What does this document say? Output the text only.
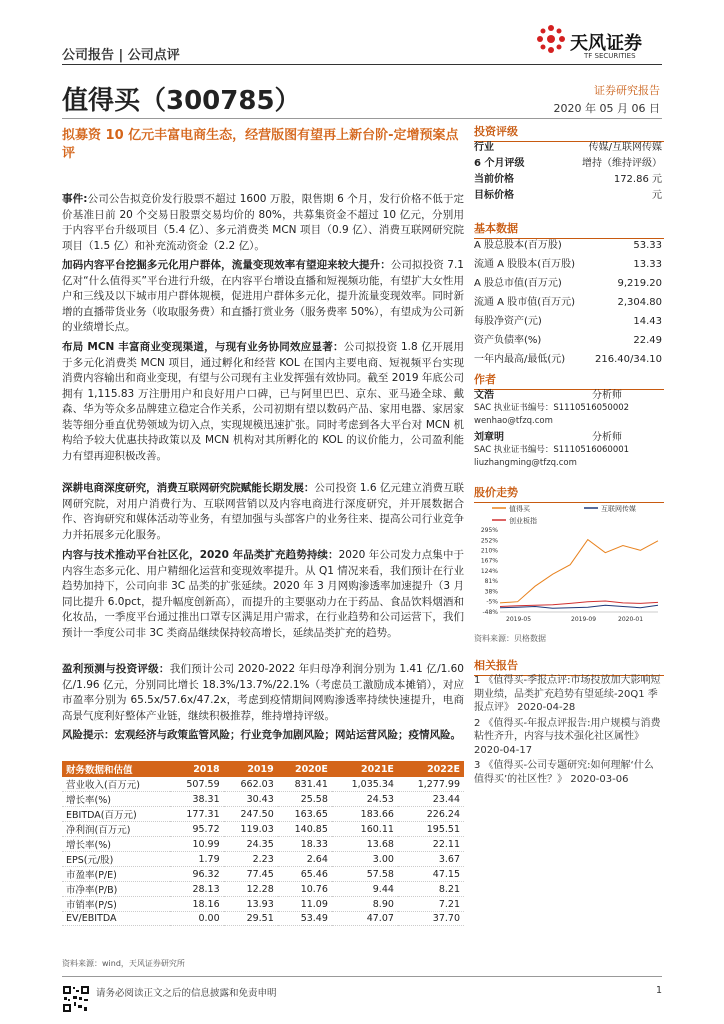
公司报告 | 公司点评
天风证券
TF SECURITIES
值得买（300785）	证券研究报告
2020 年 05 月 06 日
拟募资 10 亿元丰富电商生态，经营版图有望再上新台阶-定增预案点评
事件:公司公告拟竞价发行股票不超过 1600 万股，限售期 6 个月，发行价格不低于定价基准日前 20 个交易日股票交易均价的 80%，共募集资金不超过 10 亿元，分别用于内容平台升级项目（5.4 亿）、多元消费类 MCN 项目（0.9 亿）、消费互联网研究院项目（1.5 亿）和补充流动资金（2.2 亿）。
加码内容平台挖掘多元化用户群体，流量变现效率有望迎来较大提升：公司拟投资 7.1 亿对“什么值得买”平台进行升级，在内容平台增设直播和短视频功能，有望扩大女性用户和三线及以下城市用户群体规模，促进用户群体多元化，提升流量变现效率。同时新增的直播带货业务（收取服务费）和直播打赏业务（服务费率 50%），有望成为公司新的业绩增长点。
布局 MCN 丰富商业变现渠道，与现有业务协同效应显著：公司拟投资 1.8 亿开展用于多元化消费类 MCN 项目，通过孵化和经营 KOL 在国内主要电商、短视频平台实现消费内容输出和商业变现，有望与公司现有主业发挥强有效协同。截至 2019 年底公司拥有 1,115.83 万注册用户和良好用户口碑，已与阿里巴巴、京东、亚马逊全球、戴森、华为等众多品牌建立稳定合作关系，公司初期有望以数码产品、家用电器、家居家装等细分垂直优势领域为切入点，实现规模迅速扩张。同时考虑到各大平台对 MCN 机构给予较大优惠扶持政策以及 MCN 机构对其所孵化的 KOL 的议价能力，公司盈利能力有望再迎积极改善。
深耕电商深度研究，消费互联网研究院赋能长期发展：公司投资 1.6 亿元建立消费互联网研究院，对用户消费行为、互联网营销以及内容电商进行深度研究，并开展数据合作、咨询研究和媒体活动等业务，有望加强与头部客户的业务往来、提高公司行业竞争力并拓展多元化服务。
内容与技术推动平台社区化，2020 年品类扩充趋势持续：2020 年公司发力点集中于内容生态多元化、用户精细化运营和变现效率提升。从 Q1 情况来看，我们预计在行业趋势加持下，公司向非 3C 品类的扩张延续。2020 年 3 月网购渗透率加速提升（3 月同比提升 6.0pct，提升幅度创新高），而提升的主要驱动力在于药品、食品饮料烟酒和化妆品，一季度平台通过推出口罩专区满足用户需求，在行业趋势和公司运营下，我们预计一季度公司非 3C 类商品继续保持较高增长，延续品类扩充的趋势。
盈利预测与投资评级：我们预计公司 2020-2022 年归母净利润分别为 1.41 亿/1.60 亿/1.96 亿元，分别同比增长 18.3%/13.7%/22.1%（考虑员工激励成本摊销），对应市盈率分别为 65.5x/57.6x/47.2x，考虑到疫情期间网购渗透率持续快速提升，电商高景气度利好整体产业链，继续积极推荐，维持增持评级。
风险提示：宏观经济与政策监管风险；行业竞争加剧风险；网站运营风险；疫情风险。
投资评级
行业	传媒/互联网传媒
6 个月评级	增持（维持评级）
当前价格	172.86 元
目标价格	元
基本数据
A 股总股本(百万股)	53.33
流通 A 股股本(百万股)	13.33
A 股总市值(百万元)	9,219.20
流通 A 股市值(百万元)	2,304.80
每股净资产(元)	14.43
资产负债率(%)	22.49
一年内最高/最低(元)	216.40/34.10
作者
文浩	分析师
SAC 执业证书编号：S1110516050002
wenhao@tfzq.com
刘章明	分析师
SAC 执业证书编号：S1110516060001
liuzhangming@tfzq.com
股价走势
值得买	互联网传媒
创业板指
-48%
-5%
38%
81%
124%
167%
210%
252%
295%
2019-05	2019-09	2020-01
资料来源：贝格数据
相关报告
1 《值得买-季报点评:市场投放加大影响短期业绩，品类扩充趋势有望延续-20Q1 季报点评》 2020-04-28
2 《值得买-年报点评报告:用户规模与消费粘性齐升，内容与技术强化社区属性》 2020-04-17
3 《值得买-公司专题研究:如何理解‘什么值得买’的社区性？》 2020-03-06
财务数据和估值	2018	2019	2020E	2021E	2022E
营业收入(百万元)	507.59	662.03	831.41	1,035.34	1,277.99
增长率(%)	38.31	30.43	25.58	24.53	23.44
EBITDA(百万元)	177.31	247.50	163.65	183.66	226.24
净利润(百万元)	95.72	119.03	140.85	160.11	195.51
增长率(%)	10.99	24.35	18.33	13.68	22.11
EPS(元/股)	1.79	2.23	2.64	3.00	3.67
市盈率(P/E)	96.32	77.45	65.46	57.58	47.15
市净率(P/B)	28.13	12.28	10.76	9.44	8.21
市销率(P/S)	18.16	13.93	11.09	8.90	7.21
EV/EBITDA	0.00	29.51	53.49	47.07	37.70
资料来源：wind，天风证券研究所
请务必阅读正文之后的信息披露和免责申明	1
